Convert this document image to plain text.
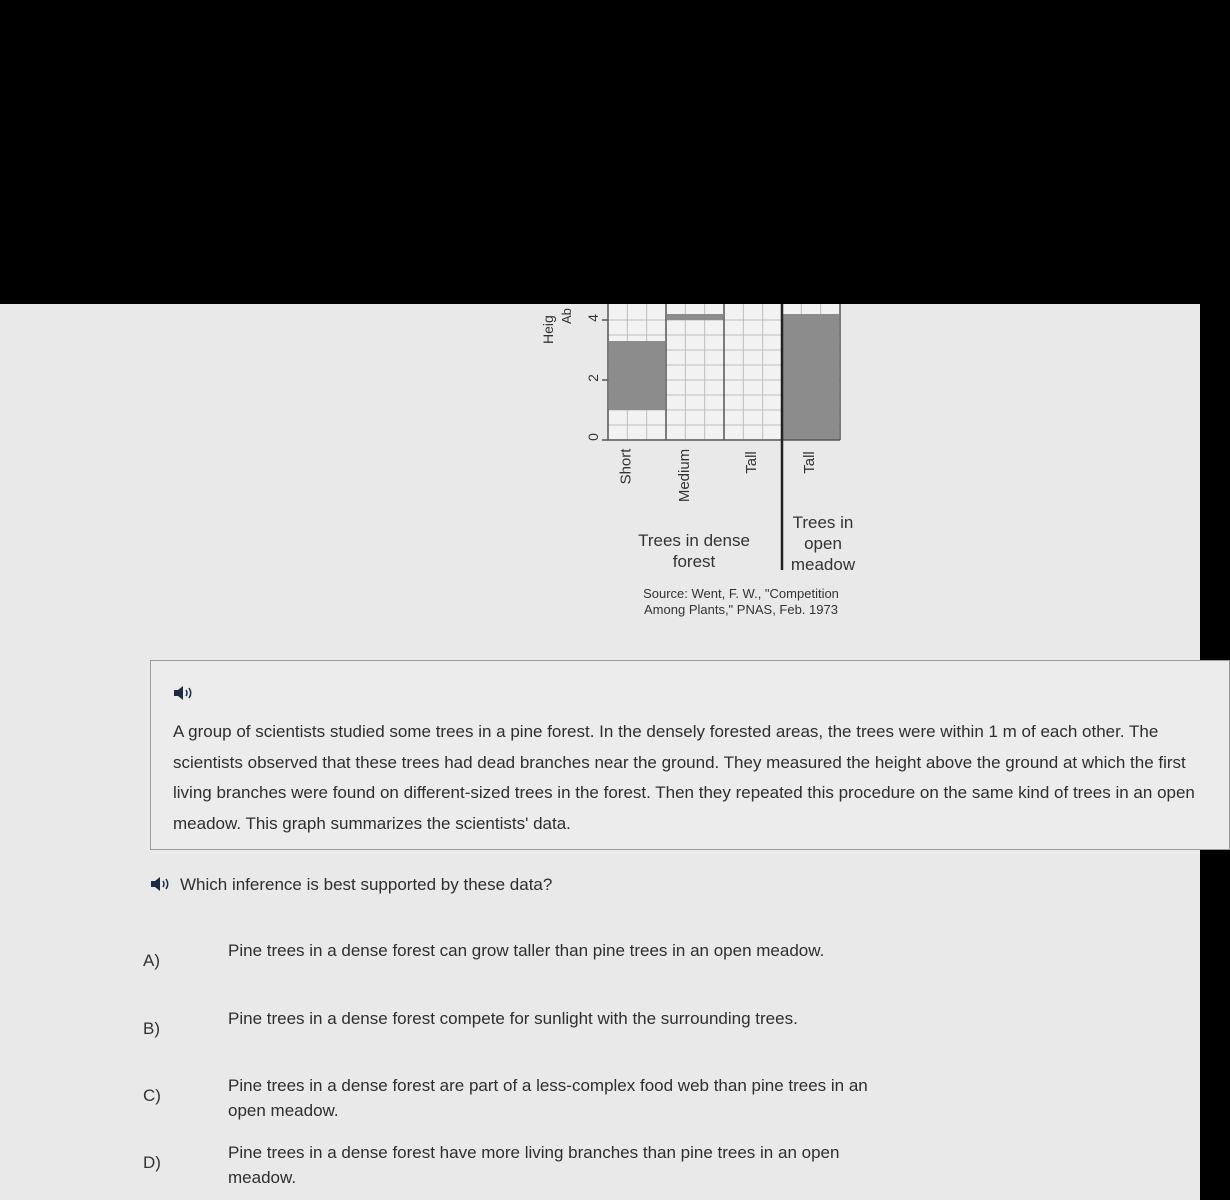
Heig Ab 4
2
0
Short	Medium	Tall	Tall
Trees in dense forest
Trees in open meadow
Source: Went, F. W., "Competition
Among Plants," PNAS, Feb. 1973
A group of scientists studied some trees in a pine forest. In the densely forested areas, the trees were within 1 m of each other. The scientists observed that these trees had dead branches near the ground. They measured the height above the ground at which the first living branches were found on different-sized trees in the forest. Then they repeated this procedure on the same kind of trees in an open meadow. This graph summarizes the scientists' data.
Which inference is best supported by these data?
A)
Pine trees in a dense forest can grow taller than pine trees in an open meadow.
B)
Pine trees in a dense forest compete for sunlight with the surrounding trees.
C)
Pine trees in a dense forest are part of a less-complex food web than pine trees in an open meadow.
D)
Pine trees in a dense forest have more living branches than pine trees in an open meadow.
